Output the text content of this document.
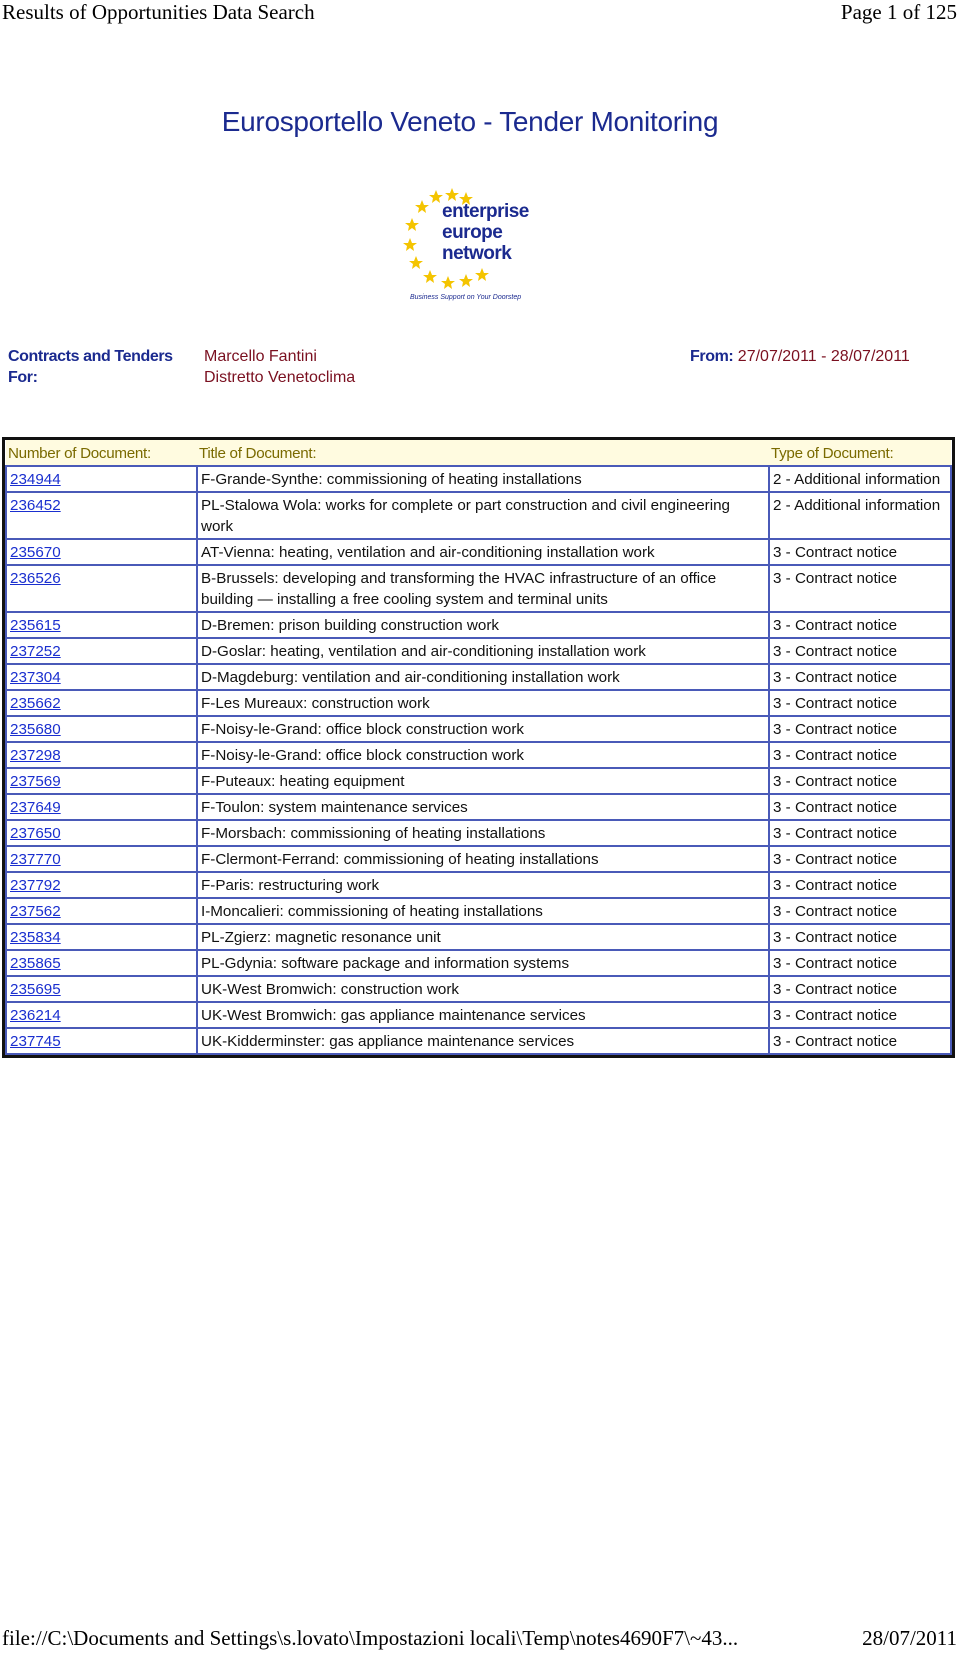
Results of Opportunities Data Search	Page 1 of 125
Eurosportello Veneto - Tender Monitoring
enterprise
europe
network
Business Support on Your Doorstep
Contracts and Tenders
For:
Marcello Fantini
Distretto Venetoclima
From: 27/07/2011 - 28/07/2011
Number of Document:	Title of Document:	Type of Document:
234944	F-Grande-Synthe: commissioning of heating installations	2 - Additional information
236452	PL-Stalowa Wola: works for complete or part construction and civil engineering work	2 - Additional information
235670	AT-Vienna: heating, ventilation and air-conditioning installation work	3 - Contract notice
236526	B-Brussels: developing and transforming the HVAC infrastructure of an office building — installing a free cooling system and terminal units	3 - Contract notice
235615	D-Bremen: prison building construction work	3 - Contract notice
237252	D-Goslar: heating, ventilation and air-conditioning installation work	3 - Contract notice
237304	D-Magdeburg: ventilation and air-conditioning installation work	3 - Contract notice
235662	F-Les Mureaux: construction work	3 - Contract notice
235680	F-Noisy-le-Grand: office block construction work	3 - Contract notice
237298	F-Noisy-le-Grand: office block construction work	3 - Contract notice
237569	F-Puteaux: heating equipment	3 - Contract notice
237649	F-Toulon: system maintenance services	3 - Contract notice
237650	F-Morsbach: commissioning of heating installations	3 - Contract notice
237770	F-Clermont-Ferrand: commissioning of heating installations	3 - Contract notice
237792	F-Paris: restructuring work	3 - Contract notice
237562	I-Moncalieri: commissioning of heating installations	3 - Contract notice
235834	PL-Zgierz: magnetic resonance unit	3 - Contract notice
235865	PL-Gdynia: software package and information systems	3 - Contract notice
235695	UK-West Bromwich: construction work	3 - Contract notice
236214	UK-West Bromwich: gas appliance maintenance services	3 - Contract notice
237745	UK-Kidderminster: gas appliance maintenance services	3 - Contract notice
file://C:\Documents and Settings\s.lovato\Impostazioni locali\Temp\notes4690F7\~43...	28/07/2011
